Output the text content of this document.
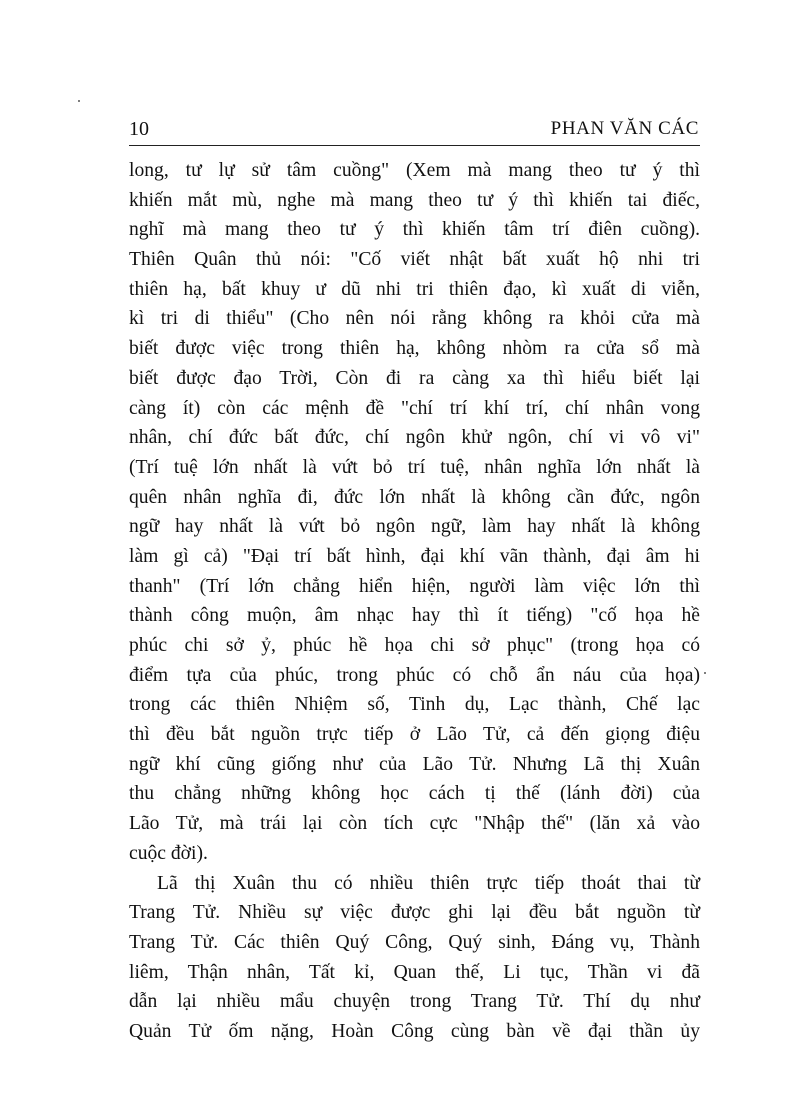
10	PHAN VĂN CÁC
long, tư lự sử tâm cuồng" (Xem mà mang theo tư ý thì
khiến mắt mù, nghe mà mang theo tư ý thì khiến tai điếc,
nghĩ mà mang theo tư ý thì khiến tâm trí điên cuồng).
Thiên Quân thủ nói: "Cố viết nhật bất xuất hộ nhi tri
thiên hạ, bất khuy ư dũ nhi tri thiên đạo, kì xuất di viễn,
kì tri di thiểu" (Cho nên nói rằng không ra khỏi cửa mà
biết được việc trong thiên hạ, không nhòm ra cửa sổ mà
biết được đạo Trời, Còn đi ra càng xa thì hiểu biết lại
càng ít) còn các mệnh đề "chí trí khí trí, chí nhân vong
nhân, chí đức bất đức, chí ngôn khử ngôn, chí vi vô vi"
(Trí tuệ lớn nhất là vứt bỏ trí tuệ, nhân nghĩa lớn nhất là
quên nhân nghĩa đi, đức lớn nhất là không cần đức, ngôn
ngữ hay nhất là vứt bỏ ngôn ngữ, làm hay nhất là không
làm gì cả) "Đại trí bất hình, đại khí vãn thành, đại âm hi
thanh" (Trí lớn chẳng hiển hiện, người làm việc lớn thì
thành công muộn, âm nhạc hay thì ít tiếng) "cố họa hề
phúc chi sở ỷ, phúc hề họa chi sở phục" (trong họa có
điểm tựa của phúc, trong phúc có chỗ ẩn náu của họa)
trong các thiên Nhiệm số, Tinh dụ, Lạc thành, Chế lạc
thì đều bắt nguồn trực tiếp ở Lão Tử, cả đến giọng điệu
ngữ khí cũng giống như của Lão Tử. Nhưng Lã thị Xuân
thu chẳng những không học cách tị thế (lánh đời) của
Lão Tử, mà trái lại còn tích cực "Nhập thế" (lăn xả vào
cuộc đời).
Lã thị Xuân thu có nhiều thiên trực tiếp thoát thai từ
Trang Tử. Nhiều sự việc được ghi lại đều bắt nguồn từ
Trang Tử. Các thiên Quý Công, Quý sinh, Đáng vụ, Thành
liêm, Thận nhân, Tất kỉ, Quan thế, Li tục, Thần vi đã
dẫn lại nhiều mẩu chuyện trong Trang Tử. Thí dụ như
Quản Tử ốm nặng, Hoàn Công cùng bàn về đại thần ủy
